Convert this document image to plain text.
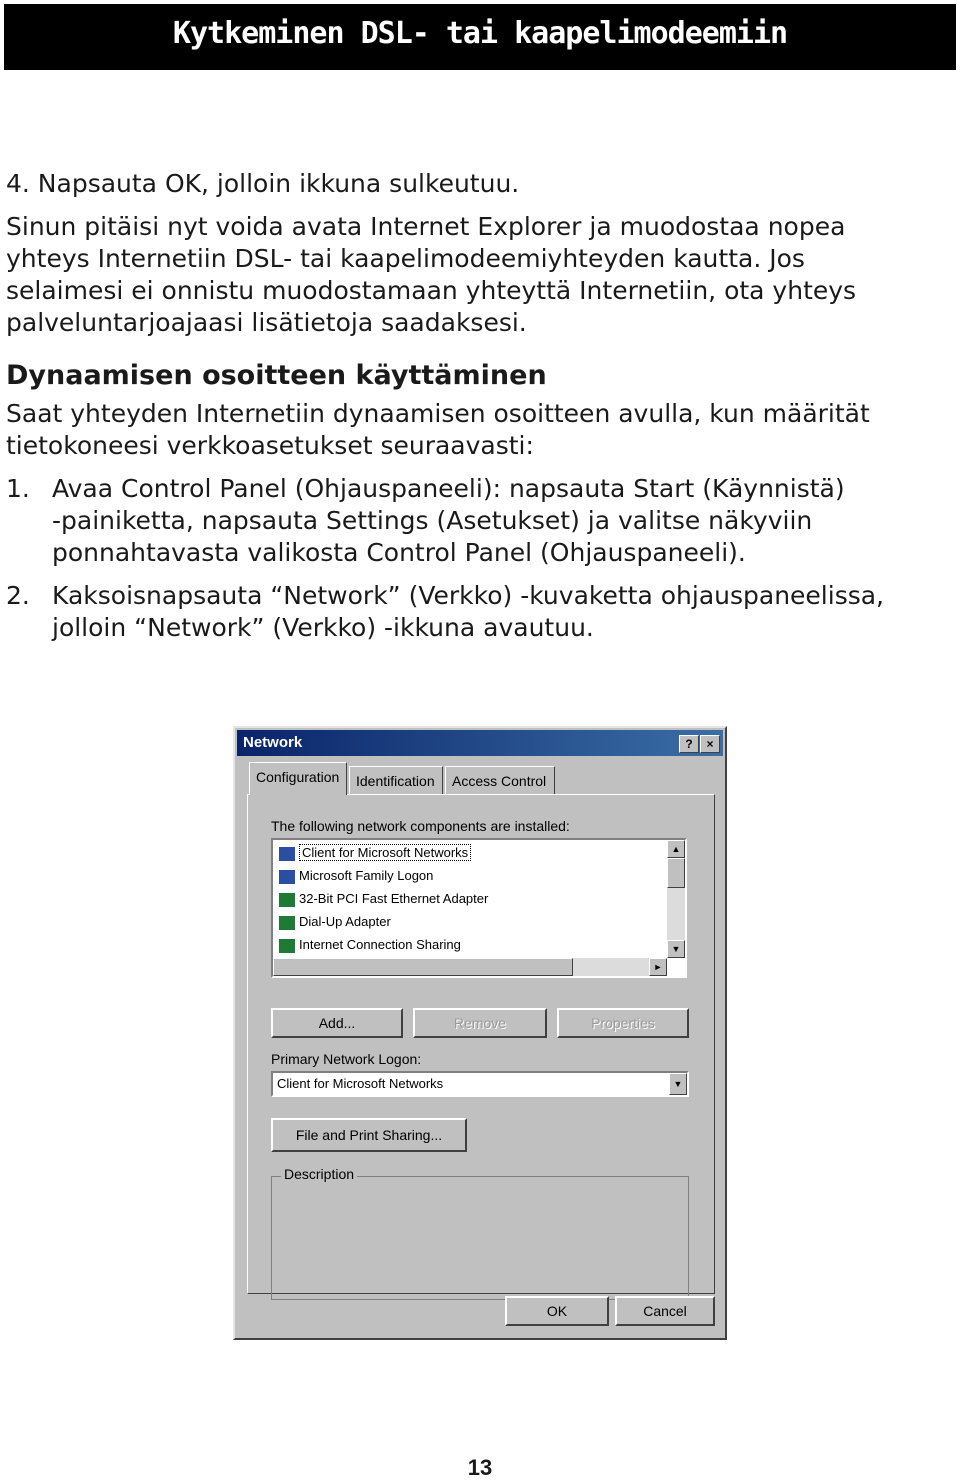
Kytkeminen DSL- tai kaapelimodeemiin
4. Napsauta OK, jolloin ikkuna sulkeutuu.
Sinun pitäisi nyt voida avata Internet Explorer ja muodostaa nopea
yhteys Internetiin DSL- tai kaapelimodeemiyhteyden kautta. Jos
selaimesi ei onnistu muodostamaan yhteyttä Internetiin, ota yhteys
palveluntarjoajaasi lisätietoja saadaksesi.
Dynaamisen osoitteen käyttäminen
Saat yhteyden Internetiin dynaamisen osoitteen avulla, kun määrität
tietokoneesi verkkoasetukset seuraavasti:
1. Avaa Control Panel (Ohjauspaneeli): napsauta Start (Käynnistä)
-painiketta, napsauta Settings (Asetukset) ja valitse näkyviin
ponnahtavasta valikosta Control Panel (Ohjauspaneeli).
2. Kaksoisnapsauta “Network” (Verkko) -kuvaketta ohjauspaneelissa,
jolloin “Network” (Verkko) -ikkuna avautuu.
Network	?	×
Configuration	Identification	Access Control
The following network components are installed:
Client for Microsoft Networks
Microsoft Family Logon
32-Bit PCI Fast Ethernet Adapter
Dial-Up Adapter
Internet Connection Sharing
▲
▼
►
Add...	Remove	Properties
Primary Network Logon:
Client for Microsoft Networks	▼
File and Print Sharing...
Description
OK	Cancel
13
